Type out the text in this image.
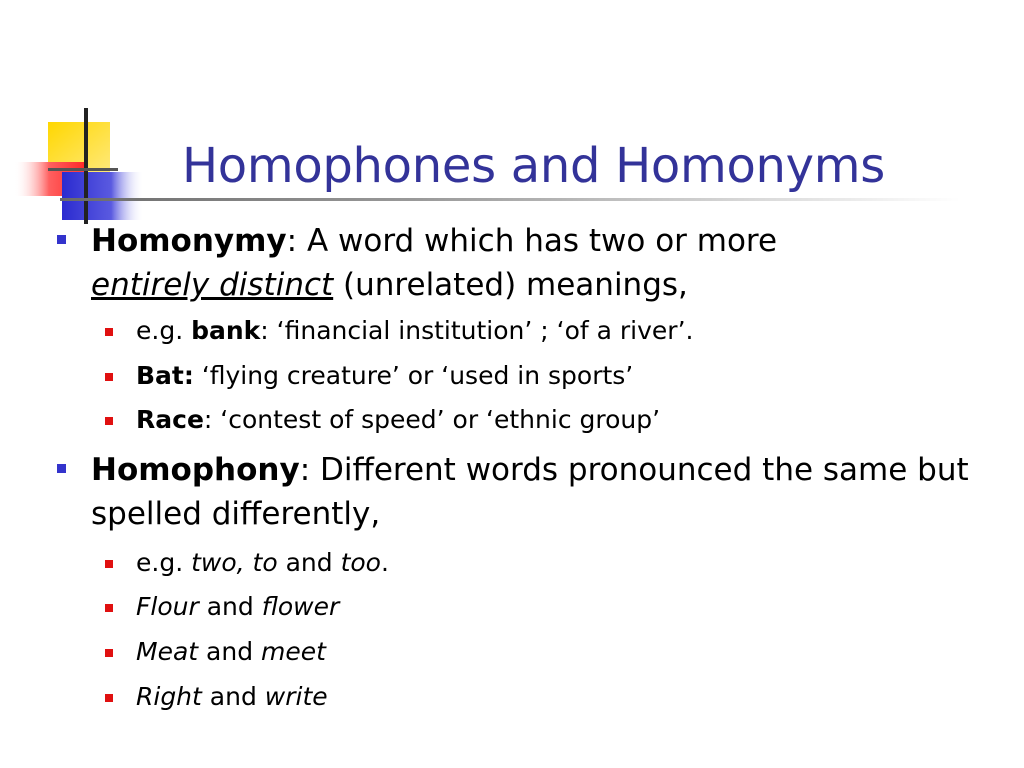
Homophones and Homonyms
Homonymy: A word which has two or more
entirely distinct (unrelated) meanings,
e.g. bank: ‘financial institution’ ; ‘of a river’.
Bat: ‘flying creature’ or ‘used in sports’
Race: ‘contest of speed’ or ‘ethnic group’
Homophony: Different words pronounced the same but spelled differently,
e.g. two, to and too.
Flour and flower
Meat and meet
Right and write
